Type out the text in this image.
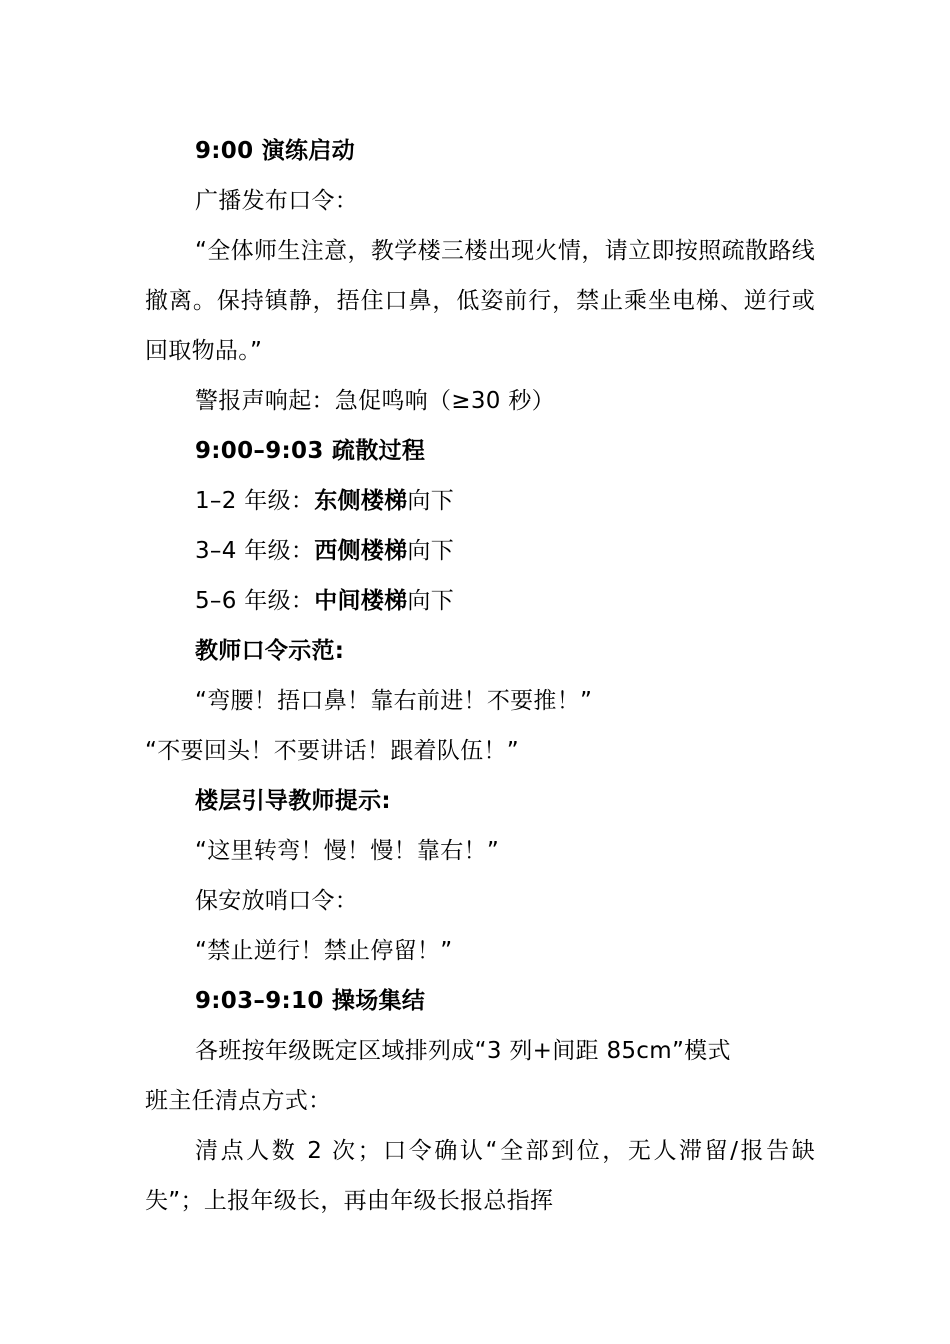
9:00 演练启动

广播发布口令：

“全体师生注意，教学楼三楼出现火情，请立即按照疏散路线撤离。保持镇静，捂住口鼻，低姿前行，禁止乘坐电梯、逆行或回取物品。”

警报声响起：急促鸣响（≥30 秒）

9:00–9:03 疏散过程

1–2 年级：东侧楼梯向下

3–4 年级：西侧楼梯向下

5–6 年级：中间楼梯向下

教师口令示范:

“弯腰！捂口鼻！靠右前进！不要推！”

“不要回头！不要讲话！跟着队伍！”

楼层引导教师提示:

“这里转弯！慢！慢！靠右！”

保安放哨口令：

“禁止逆行！禁止停留！”

9:03–9:10 操场集结

各班按年级既定区域排列成“3 列+间距 85cm”模式

班主任清点方式：

清点人数 2 次；口令确认“全部到位，无人滞留/报告缺失”；上报年级长，再由年级长报总指挥
